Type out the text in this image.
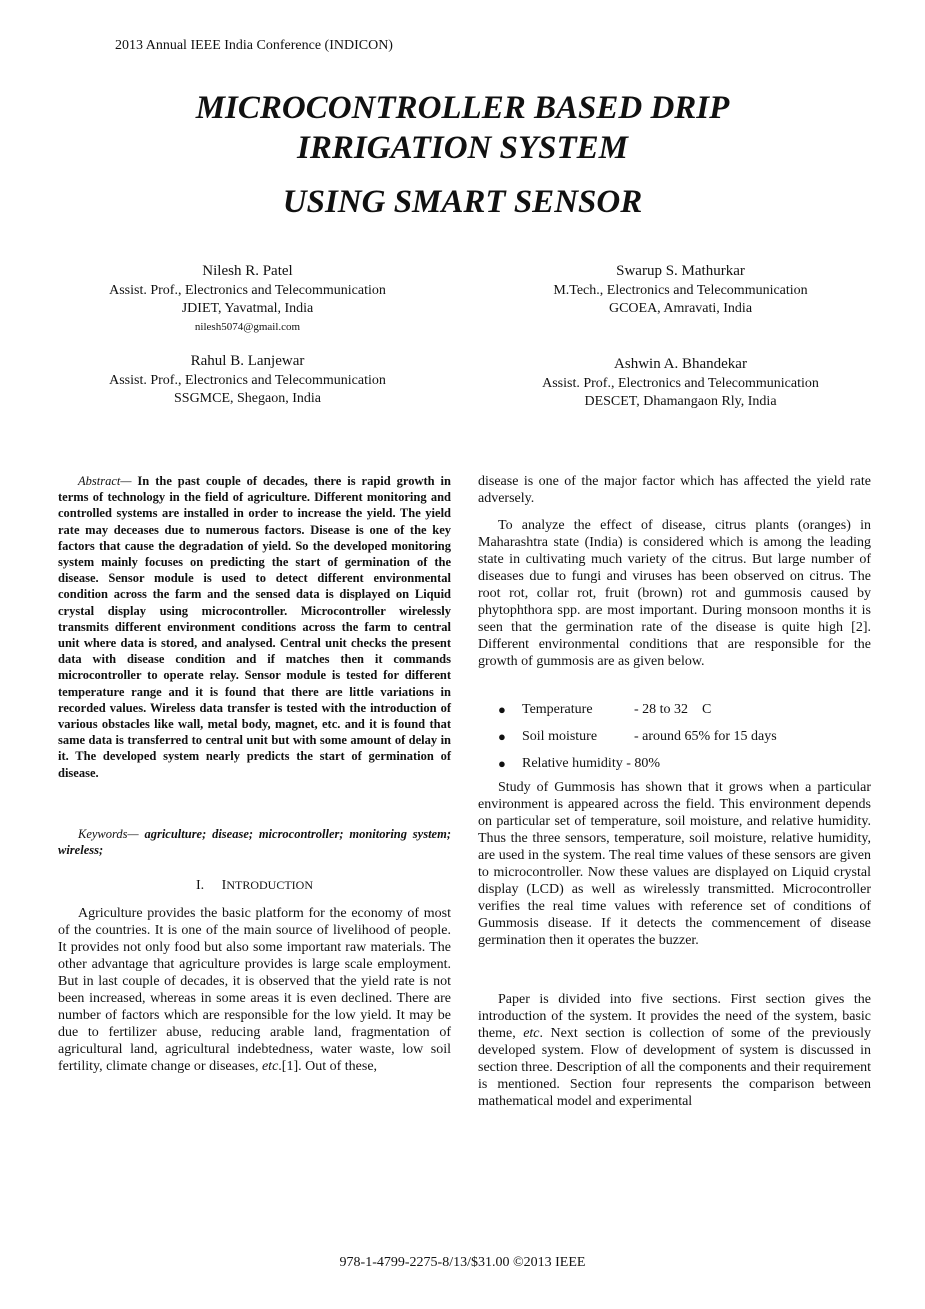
2013 Annual IEEE India Conference (INDICON)
MICROCONTROLLER BASED DRIP
IRRIGATION SYSTEM
USING SMART SENSOR
Nilesh R. Patel
Assist. Prof., Electronics and Telecommunication
JDIET, Yavatmal, India
nilesh5074@gmail.com
Swarup S. Mathurkar
M.Tech., Electronics and Telecommunication
GCOEA, Amravati, India
Rahul B. Lanjewar
Assist. Prof., Electronics and Telecommunication
SSGMCE, Shegaon, India
Ashwin A. Bhandekar
Assist. Prof., Electronics and Telecommunication
DESCET, Dhamangaon Rly, India
Abstract— In the past couple of decades, there is rapid growth in terms of technology in the field of agriculture. Different monitoring and controlled systems are installed in order to increase the yield. The yield rate may deceases due to numerous factors. Disease is one of the key factors that cause the degradation of yield. So the developed monitoring system mainly focuses on predicting the start of germination of the disease. Sensor module is used to detect different environmental condition across the farm and the sensed data is displayed on Liquid crystal display using microcontroller. Microcontroller wirelessly transmits different environment conditions across the farm to central unit where data is stored, and analysed. Central unit checks the present data with disease condition and if matches then it commands microcontroller to operate relay. Sensor module is tested for different temperature range and it is found that there are little variations in recorded values. Wireless data transfer is tested with the introduction of various obstacles like wall, metal body, magnet, etc. and it is found that same data is transferred to central unit but with some amount of delay in it. The developed system nearly predicts the start of germination of disease.
Keywords— agriculture; disease; microcontroller; monitoring system; wireless;
I. INTRODUCTION
Agriculture provides the basic platform for the economy of most of the countries. It is one of the main source of livelihood of people. It provides not only food but also some important raw materials. The other advantage that agriculture provides is large scale employment. But in last couple of decades, it is observed that the yield rate is not been increased, whereas in some areas it is even declined. There are number of factors which are responsible for the low yield. It may be due to fertilizer abuse, reducing arable land, fragmentation of agricultural land, agricultural indebtedness, water waste, low soil fertility, climate change or diseases, etc.[1]. Out of these,
disease is one of the major factor which has affected the yield rate adversely.
To analyze the effect of disease, citrus plants (oranges) in Maharashtra state (India) is considered which is among the leading state in cultivating much variety of the citrus. But large number of diseases due to fungi and viruses has been observed on citrus. The root rot, collar rot, fruit (brown) rot and gummosis caused by phytophthora spp. are most important. During monsoon months it is seen that the germination rate of the disease is quite high [2]. Different environmental conditions that are responsible for the growth of gummosis are as given below.
●	Temperature	- 28 to 32    C
●	Soil moisture	- around 65% for 15 days
●	Relative humidity - 80%
Study of Gummosis has shown that it grows when a particular environment is appeared across the field. This environment depends on particular set of temperature, soil moisture, and relative humidity. Thus the three sensors, temperature, soil moisture, relative humidity, are used in the system. The real time values of these sensors are given to microcontroller. Now these values are displayed on Liquid crystal display (LCD) as well as wirelessly transmitted. Microcontroller verifies the real time values with reference set of conditions of Gummosis disease. If it detects the commencement of disease germination then it operates the buzzer.
Paper is divided into five sections. First section gives the introduction of the system. It provides the need of the system, basic theme, etc. Next section is collection of some of the previously developed system. Flow of development of system is discussed in section three. Description of all the components and their requirement is mentioned. Section four represents the comparison between mathematical model and experimental
978-1-4799-2275-8/13/$31.00 ©2013 IEEE
